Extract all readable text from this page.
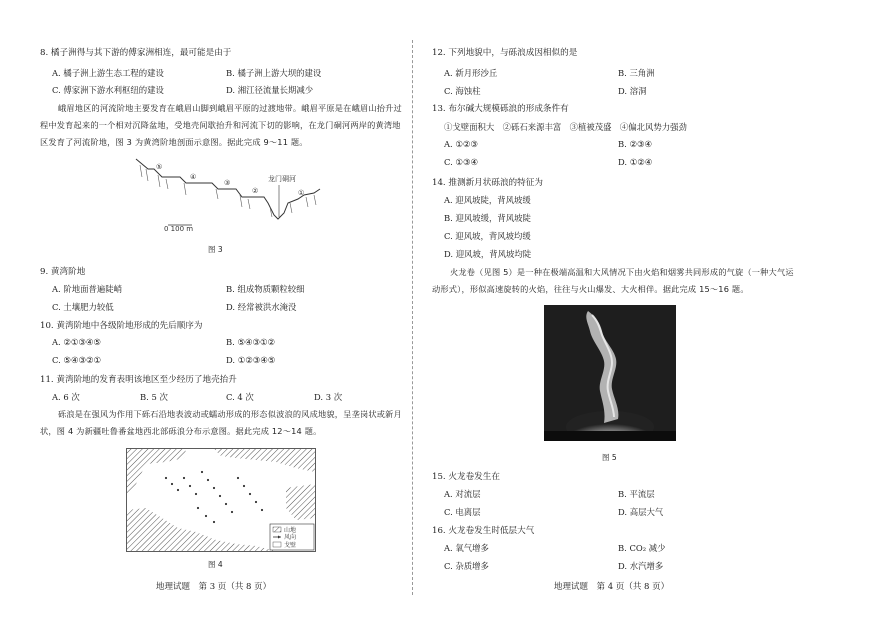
8. 橘子洲得与其下游的傅家洲相连，最可能是由于
A. 橘子洲上游生态工程的建设	B. 橘子洲上游大坝的建设
C. 傅家洲下游水利枢纽的建设	D. 湘江径流量长期减少
峨眉地区的河流阶地主要发育在峨眉山脚到峨眉平原的过渡地带。峨眉平原是在峨眉山抬升过程中发育起来的一个相对沉降盆地，受地壳间歇抬升和河流下切的影响，在龙门硐河两岸的黄湾地区发育了河流阶地，图 3 为黄湾阶地剖面示意图。据此完成 9～11 题。
⑤
④
③
②	①
龙门硐河
0 100 m
图 3
9. 黄湾阶地
A. 阶地面普遍陡峭	B. 组成物质颗粒较细
C. 土壤肥力较低	D. 经常被洪水淹没
10. 黄湾阶地中各级阶地形成的先后顺序为
A. ②①③④⑤	B. ⑤④③①②
C. ⑤④③②①	D. ①②③④⑤
11. 黄湾阶地的发育表明该地区至少经历了地壳抬升
A. 6 次	B. 5 次	C. 4 次	D. 3 次
砾浪是在强风为作用下砾石沿地表波动或蠕动形成的形态似波浪的风成地貌，呈垄岗状或新月状，图 4 为新疆吐鲁番盆地西北部砾浪分布示意图。据此完成 12～14 题。
山地
风向
戈壁
图 4
地理试题　第 3 页（共 8 页）
12. 下列地貌中，与砾浪成因相似的是
A. 新月形沙丘	B. 三角洲
C. 海蚀柱	D. 溶洞
13. 布尔碱大规模砾浪的形成条件有
①戈壁面积大　②砾石来源丰富　③植被茂盛　④偏北风势力强劲
A. ①②③	B. ②③④
C. ①③④	D. ①②④
14. 推测新月状砾浪的特征为
A. 迎风坡陡，背风坡缓
B. 迎风坡缓，背风坡陡
C. 迎风坡，背风坡均缓
D. 迎风坡，背风坡均陡
火龙卷（见图 5）是一种在极端高温和大风情况下由火焰和烟雾共同形成的气旋（一种大气运动形式），形似高速旋转的火焰，往往与火山爆发、大火相伴。据此完成 15～16 题。
图 5
15. 火龙卷发生在
A. 对流层	B. 平流层
C. 电离层	D. 高层大气
16. 火龙卷发生时低层大气
A. 氧气增多	B. CO₂ 减少
C. 杂质增多	D. 水汽增多
地理试题　第 4 页（共 8 页）
